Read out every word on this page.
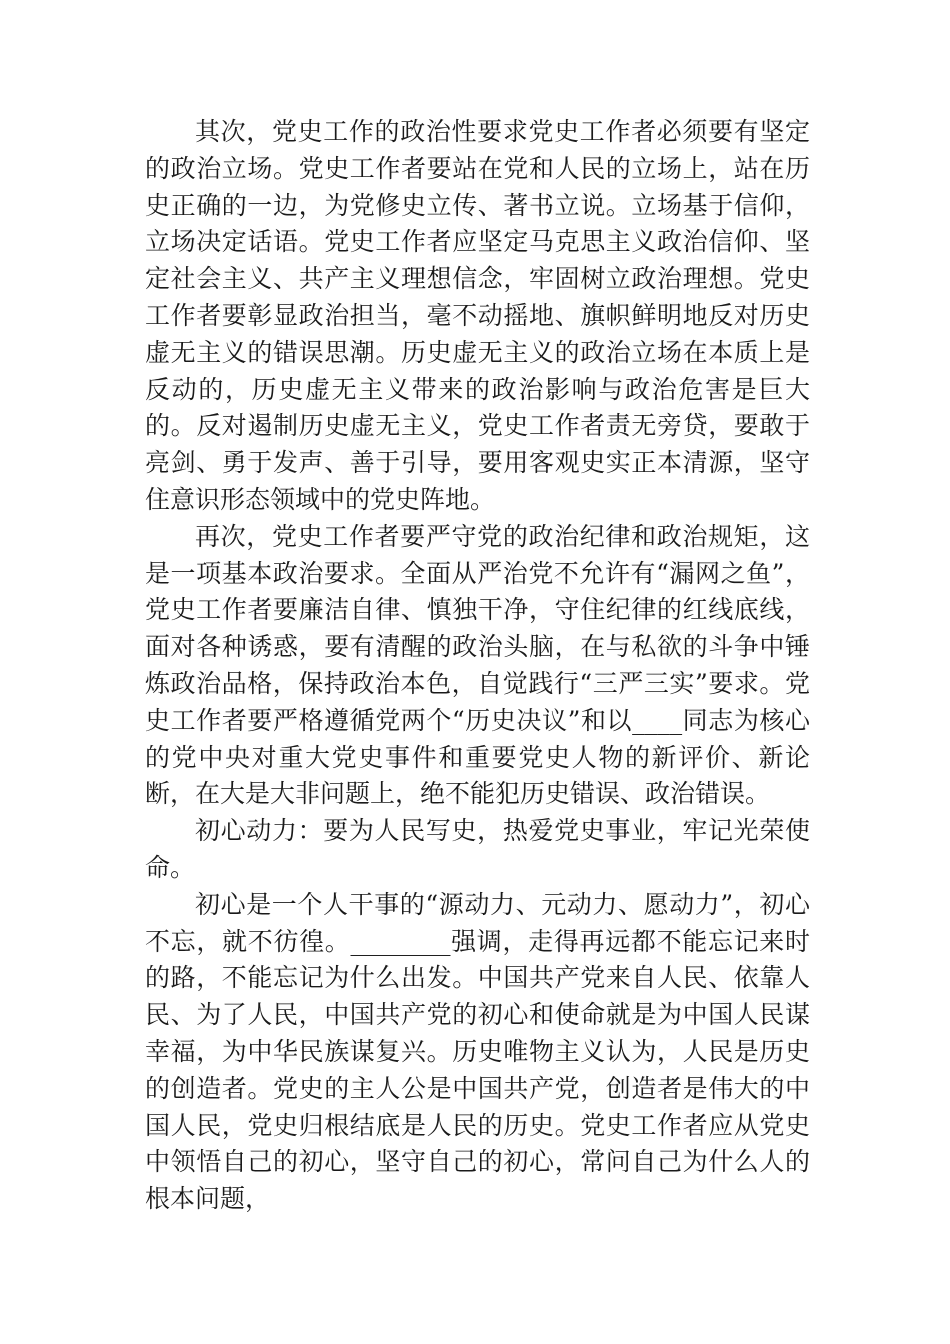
其次，党史工作的政治性要求党史工作者必须要有坚定的政治立场。党史工作者要站在党和人民的立场上，站在历史正确的一边，为党修史立传、著书立说。立场基于信仰，立场决定话语。党史工作者应坚定马克思主义政治信仰、坚定社会主义、共产主义理想信念，牢固树立政治理想。党史工作者要彰显政治担当，毫不动摇地、旗帜鲜明地反对历史虚无主义的错误思潮。历史虚无主义的政治立场在本质上是反动的，历史虚无主义带来的政治影响与政治危害是巨大的。反对遏制历史虚无主义，党史工作者责无旁贷，要敢于亮剑、勇于发声、善于引导，要用客观史实正本清源，坚守住意识形态领域中的党史阵地。

再次，党史工作者要严守党的政治纪律和政治规矩，这是一项基本政治要求。全面从严治党不允许有“漏网之鱼”，党史工作者要廉洁自律、慎独干净，守住纪律的红线底线，面对各种诱惑，要有清醒的政治头脑，在与私欲的斗争中锤炼政治品格，保持政治本色，自觉践行“三严三实”要求。党史工作者要严格遵循党两个“历史决议”和以____同志为核心的党中央对重大党史事件和重要党史人物的新评价、新论断，在大是大非问题上，绝不能犯历史错误、政治错误。

初心动力：要为人民写史，热爱党史事业，牢记光荣使命。

初心是一个人干事的“源动力、元动力、愿动力”，初心不忘，就不彷徨。________强调，走得再远都不能忘记来时的路，不能忘记为什么出发。中国共产党来自人民、依靠人民、为了人民，中国共产党的初心和使命就是为中国人民谋幸福，为中华民族谋复兴。历史唯物主义认为，人民是历史的创造者。党史的主人公是中国共产党，创造者是伟大的中国人民，党史归根结底是人民的历史。党史工作者应从党史中领悟自己的初心，坚守自己的初心，常问自己为什么人的根本问题，
